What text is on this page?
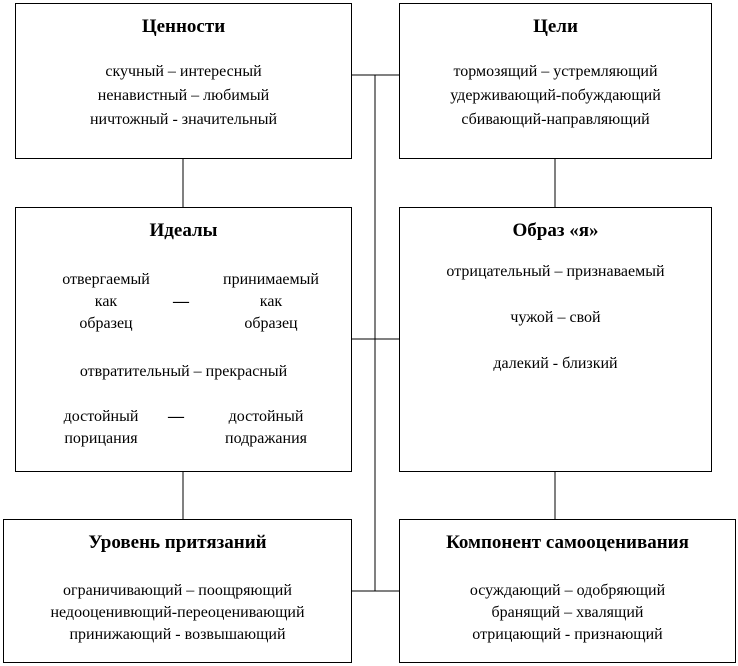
Ценности
скучный – интересный
ненавистный – любимый
ничтожный - значительный
Цели
тормозящий – устремляющий
удерживающий-побуждающий
сбивающий-направляющий
Идеалы
отвергаемый
как
образец
—
принимаемый
как
образец
отвратительный – прекрасный
достойный
порицания
—	достойный
подражания
Образ «я»
отрицательный – признаваемый
чужой – свой
далекий - близкий
Уровень притязаний
ограничивающий – поощряющий
недооценивющий-переоценивающий
принижающий - возвышающий
Компонент самооценивания
осуждающий – одобряющий
бранящий – хвалящий
отрицающий - признающий
